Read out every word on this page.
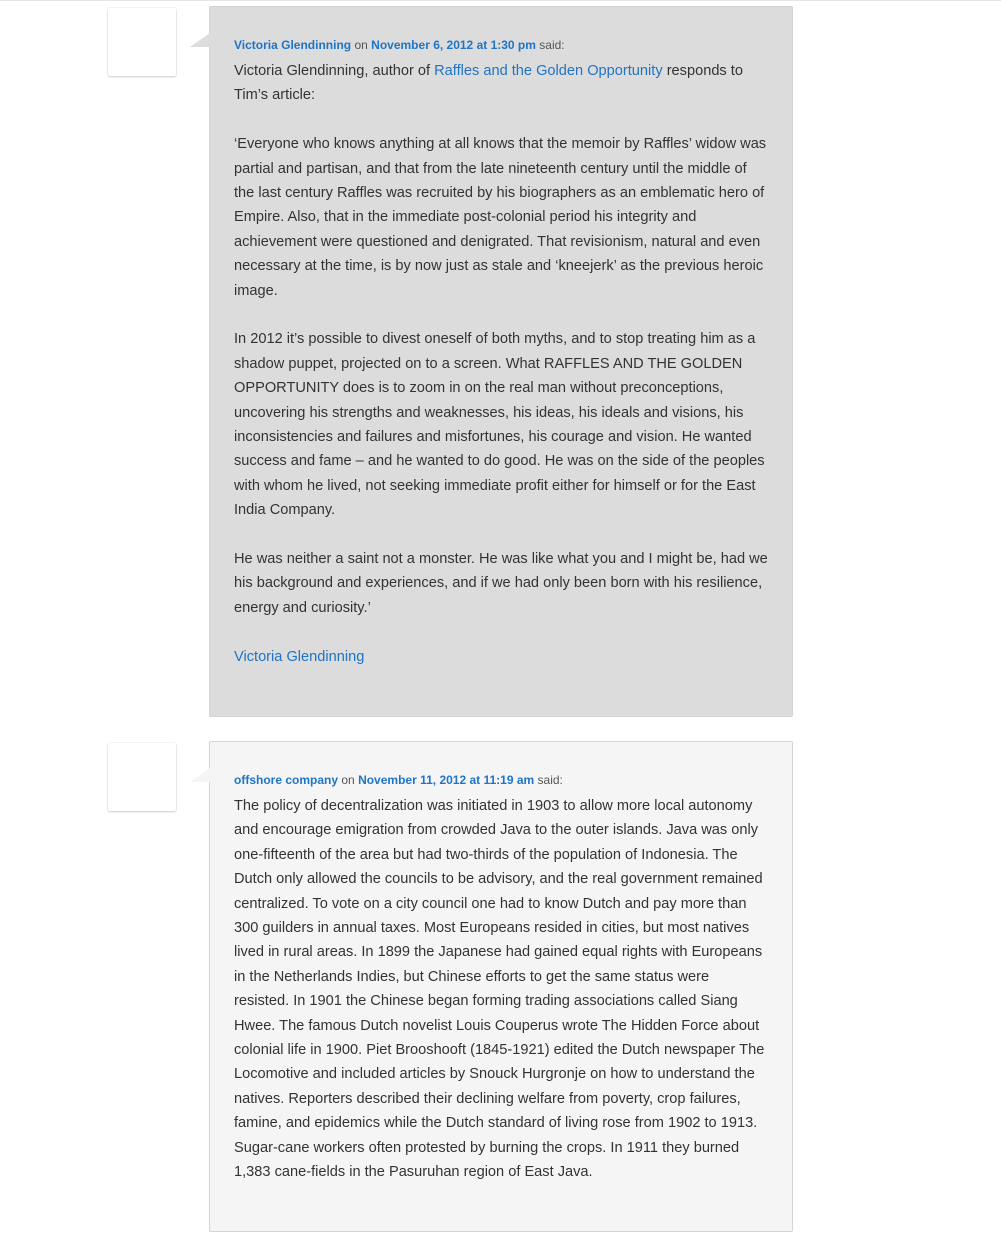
Victoria Glendinning on November 6, 2012 at 1:30 pm said:

Victoria Glendinning, author of Raffles and the Golden Opportunity responds to Tim’s article:

‘Everyone who knows anything at all knows that the memoir by Raffles’ widow was partial and partisan, and that from the late nineteenth century until the middle of the last century Raffles was recruited by his biographers as an emblematic hero of Empire. Also, that in the immediate post-colonial period his integrity and achievement were questioned and denigrated. That revisionism, natural and even necessary at the time, is by now just as stale and ‘kneejerk’ as the previous heroic image.

In 2012 it’s possible to divest oneself of both myths, and to stop treating him as a shadow puppet, projected on to a screen. What RAFFLES AND THE GOLDEN OPPORTUNITY does is to zoom in on the real man without preconceptions, uncovering his strengths and weaknesses, his ideas, his ideals and visions, his inconsistencies and failures and misfortunes, his courage and vision. He wanted success and fame – and he wanted to do good. He was on the side of the peoples with whom he lived, not seeking immediate profit either for himself or for the East India Company.

He was neither a saint not a monster. He was like what you and I might be, had we his background and experiences, and if we had only been born with his resilience, energy and curiosity.’

Victoria Glendinning

offshore company on November 11, 2012 at 11:19 am said:

The policy of decentralization was initiated in 1903 to allow more local autonomy and encourage emigration from crowded Java to the outer islands. Java was only one-fifteenth of the area but had two-thirds of the population of Indonesia. The Dutch only allowed the councils to be advisory, and the real government remained centralized. To vote on a city council one had to know Dutch and pay more than 300 guilders in annual taxes. Most Europeans resided in cities, but most natives lived in rural areas. In 1899 the Japanese had gained equal rights with Europeans in the Netherlands Indies, but Chinese efforts to get the same status were resisted. In 1901 the Chinese began forming trading associations called Siang Hwee. The famous Dutch novelist Louis Couperus wrote The Hidden Force about colonial life in 1900. Piet Brooshooft (1845-1921) edited the Dutch newspaper The Locomotive and included articles by Snouck Hurgronje on how to understand the natives. Reporters described their declining welfare from poverty, crop failures, famine, and epidemics while the Dutch standard of living rose from 1902 to 1913. Sugar-cane workers often protested by burning the crops. In 1911 they burned 1,383 cane-fields in the Pasuruhan region of East Java.
